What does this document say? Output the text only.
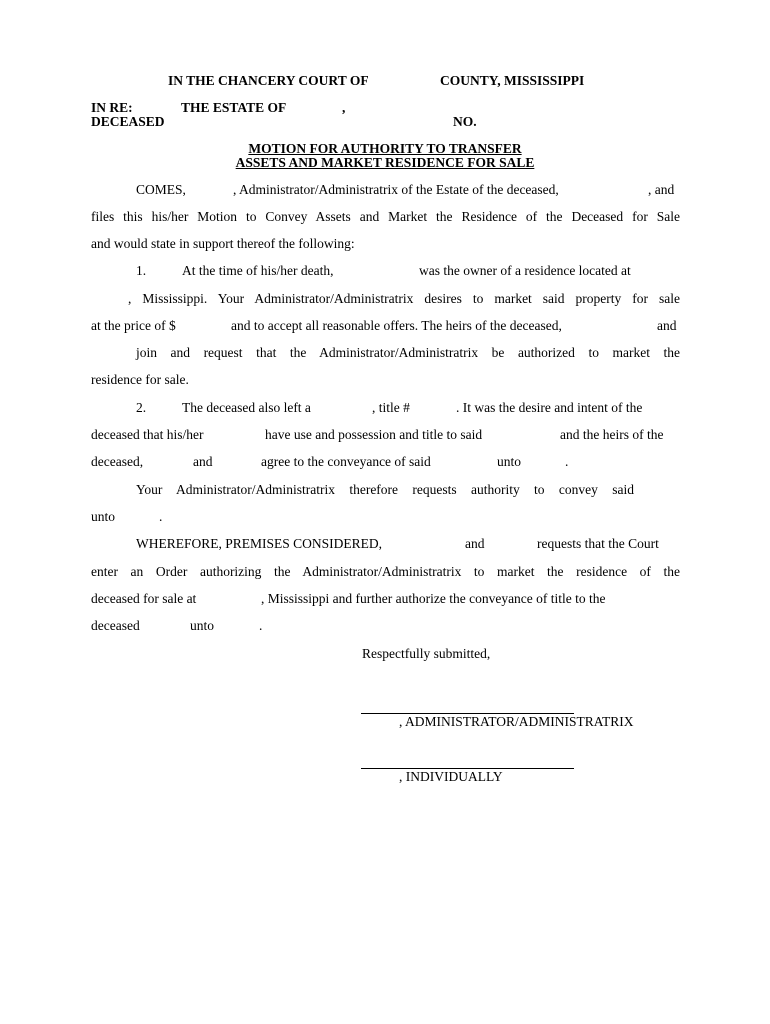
IN THE CHANCERY COURT OF	COUNTY, MISSISSIPPI
IN RE:	THE ESTATE OF	,
DECEASED	NO.
MOTION FOR AUTHORITY TO TRANSFER
ASSETS AND MARKET RESIDENCE FOR SALE
COMES,	, Administrator/Administratrix of the Estate of the deceased,	, and
files this his/her Motion to Convey Assets and Market the Residence of the Deceased for Sale
and would state in support thereof the following:
1.	At the time of his/her death,	was the owner of a residence located at
, Mississippi. Your Administrator/Administratrix desires to market said property for sale
at the price of $	and to accept all reasonable offers. The heirs of the deceased,	and
join and request that the Administrator/Administratrix be authorized to market the
residence for sale.
2.	The deceased also left a	, title #	. It was the desire and intent of the
deceased that his/her	have use and possession and title to said	and the heirs of the
deceased,	and	agree to the conveyance of said	unto	.
Your Administrator/Administratrix therefore requests authority to convey said
unto	.
WHEREFORE, PREMISES CONSIDERED,	and	requests that the Court
enter an Order authorizing the Administrator/Administratrix to market the residence of the
deceased for sale at	, Mississippi and further authorize the conveyance of title to the
deceased	unto	.
Respectfully submitted,
, ADMINISTRATOR/ADMINISTRATRIX
, INDIVIDUALLY
